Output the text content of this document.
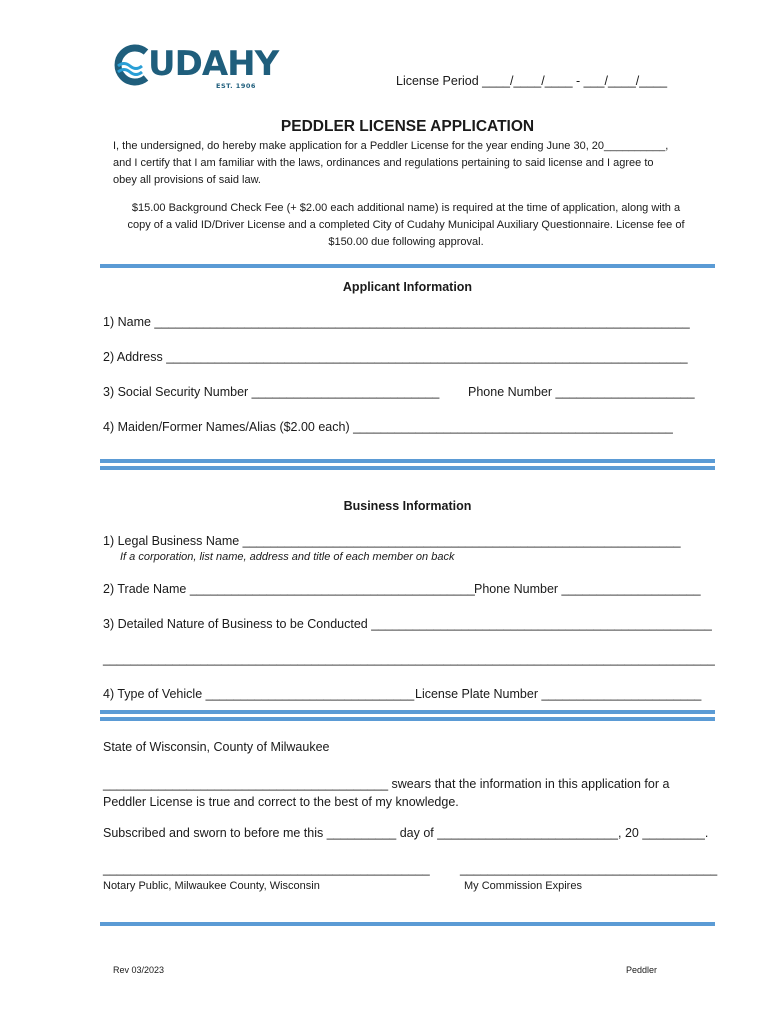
UDAHY
EST. 1906	License Period ____/____/____ - ___/____/____
PEDDLER LICENSE APPLICATION
I, the undersigned, do hereby make application for a Peddler License for the year ending June 30, 20__________,
and I certify that I am familiar with the laws, ordinances and regulations pertaining to said license and I agree to
obey all provisions of said law.
$15.00 Background Check Fee (+ $2.00 each additional name) is required at the time of application, along with a
copy of a valid ID/Driver License and a completed City of Cudahy Municipal Auxiliary Questionnaire. License fee of
$150.00 due following approval.
Applicant Information
1) Name _____________________________________________________________________________
2) Address ___________________________________________________________________________
3) Social Security Number ___________________________ Phone Number ____________________
4) Maiden/Former Names/Alias ($2.00 each) ______________________________________________
Business Information
1) Legal Business Name _______________________________________________________________
If a corporation, list name, address and title of each member on back
2) Trade Name _________________________________________ Phone Number ____________________
3) Detailed Nature of Business to be Conducted _________________________________________________
________________________________________________________________________________________
4) Type of Vehicle ______________________________ License Plate Number _______________________
State of Wisconsin, County of Milwaukee
_________________________________________ swears that the information in this application for a
Peddler License is true and correct to the best of my knowledge.
Subscribed and sworn to before me this __________ day of __________________________, 20 _________.
_______________________________________________ _____________________________________
Notary Public, Milwaukee County, Wisconsin	My Commission Expires
Rev 03/2023	Peddler
